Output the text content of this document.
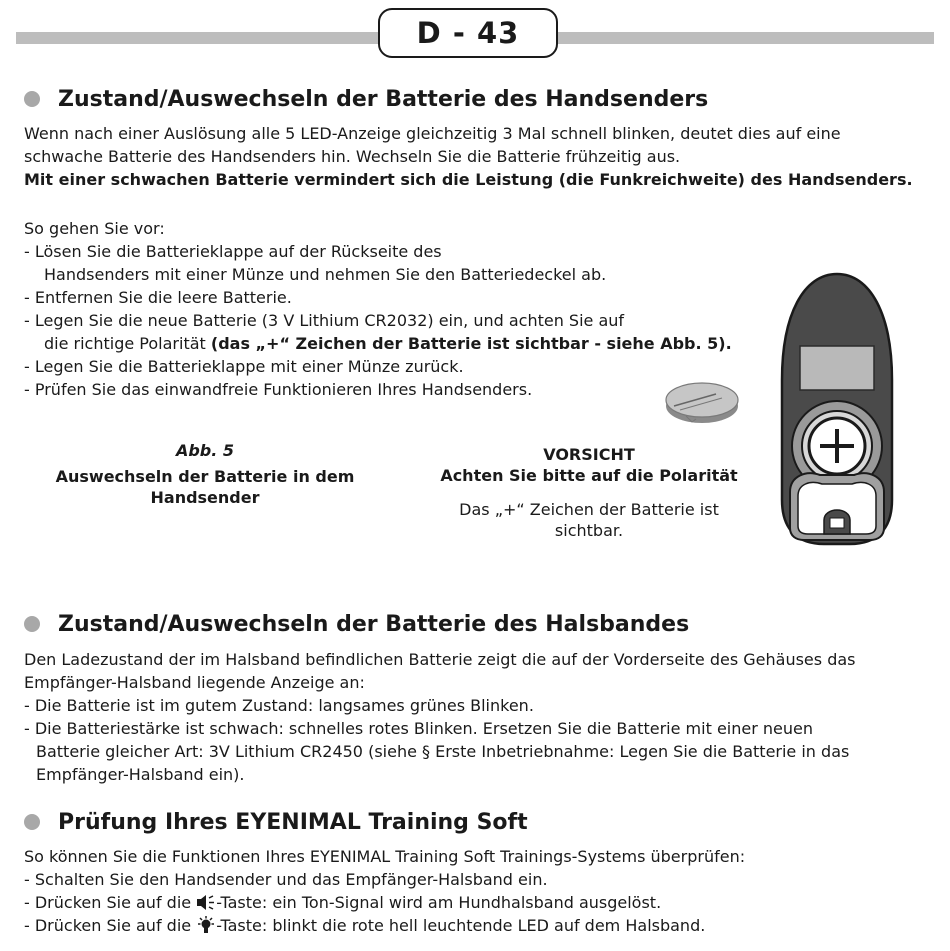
D - 43
Zustand/Auswechseln der Batterie des Handsenders
Wenn nach einer Auslösung alle 5 LED-Anzeige gleichzeitig 3 Mal schnell blinken, deutet dies auf eine
schwache Batterie des Handsenders hin. Wechseln Sie die Batterie frühzeitig aus.
Mit einer schwachen Batterie vermindert sich die Leistung (die Funkreichweite) des Handsenders.
So gehen Sie vor:
- Lösen Sie die Batterieklappe auf der Rückseite des
Handsenders mit einer Münze und nehmen Sie den Batteriedeckel ab.
- Entfernen Sie die leere Batterie.
- Legen Sie die neue Batterie (3 V Lithium CR2032) ein, und achten Sie auf
die richtige Polarität (das „+“ Zeichen der Batterie ist sichtbar - siehe Abb. 5).
- Legen Sie die Batterieklappe mit einer Münze zurück.
- Prüfen Sie das einwandfreie Funktionieren Ihres Handsenders.
Abb. 5
Auswechseln der Batterie in dem
Handsender
VORSICHT
Achten Sie bitte auf die Polarität
Das „+“ Zeichen der Batterie ist
sichtbar.
Zustand/Auswechseln der Batterie des Halsbandes
Den Ladezustand der im Halsband befindlichen Batterie zeigt die auf der Vorderseite des Gehäuses das
Empfänger-Halsband liegende Anzeige an:
- Die Batterie ist im gutem Zustand: langsames grünes Blinken.
- Die Batteriestärke ist schwach: schnelles rotes Blinken. Ersetzen Sie die Batterie mit einer neuen
Batterie gleicher Art: 3V Lithium CR2450 (siehe § Erste Inbetriebnahme: Legen Sie die Batterie in das
Empfänger-Halsband ein).
Prüfung Ihres EYENIMAL Training Soft
So können Sie die Funktionen Ihres EYENIMAL Training Soft Trainings-Systems überprüfen:
- Schalten Sie den Handsender und das Empfänger-Halsband ein.
- Drücken Sie auf die -Taste: ein Ton-Signal wird am Hundhalsband ausgelöst.
- Drücken Sie auf die -Taste: blinkt die rote hell leuchtende LED auf dem Halsband.
